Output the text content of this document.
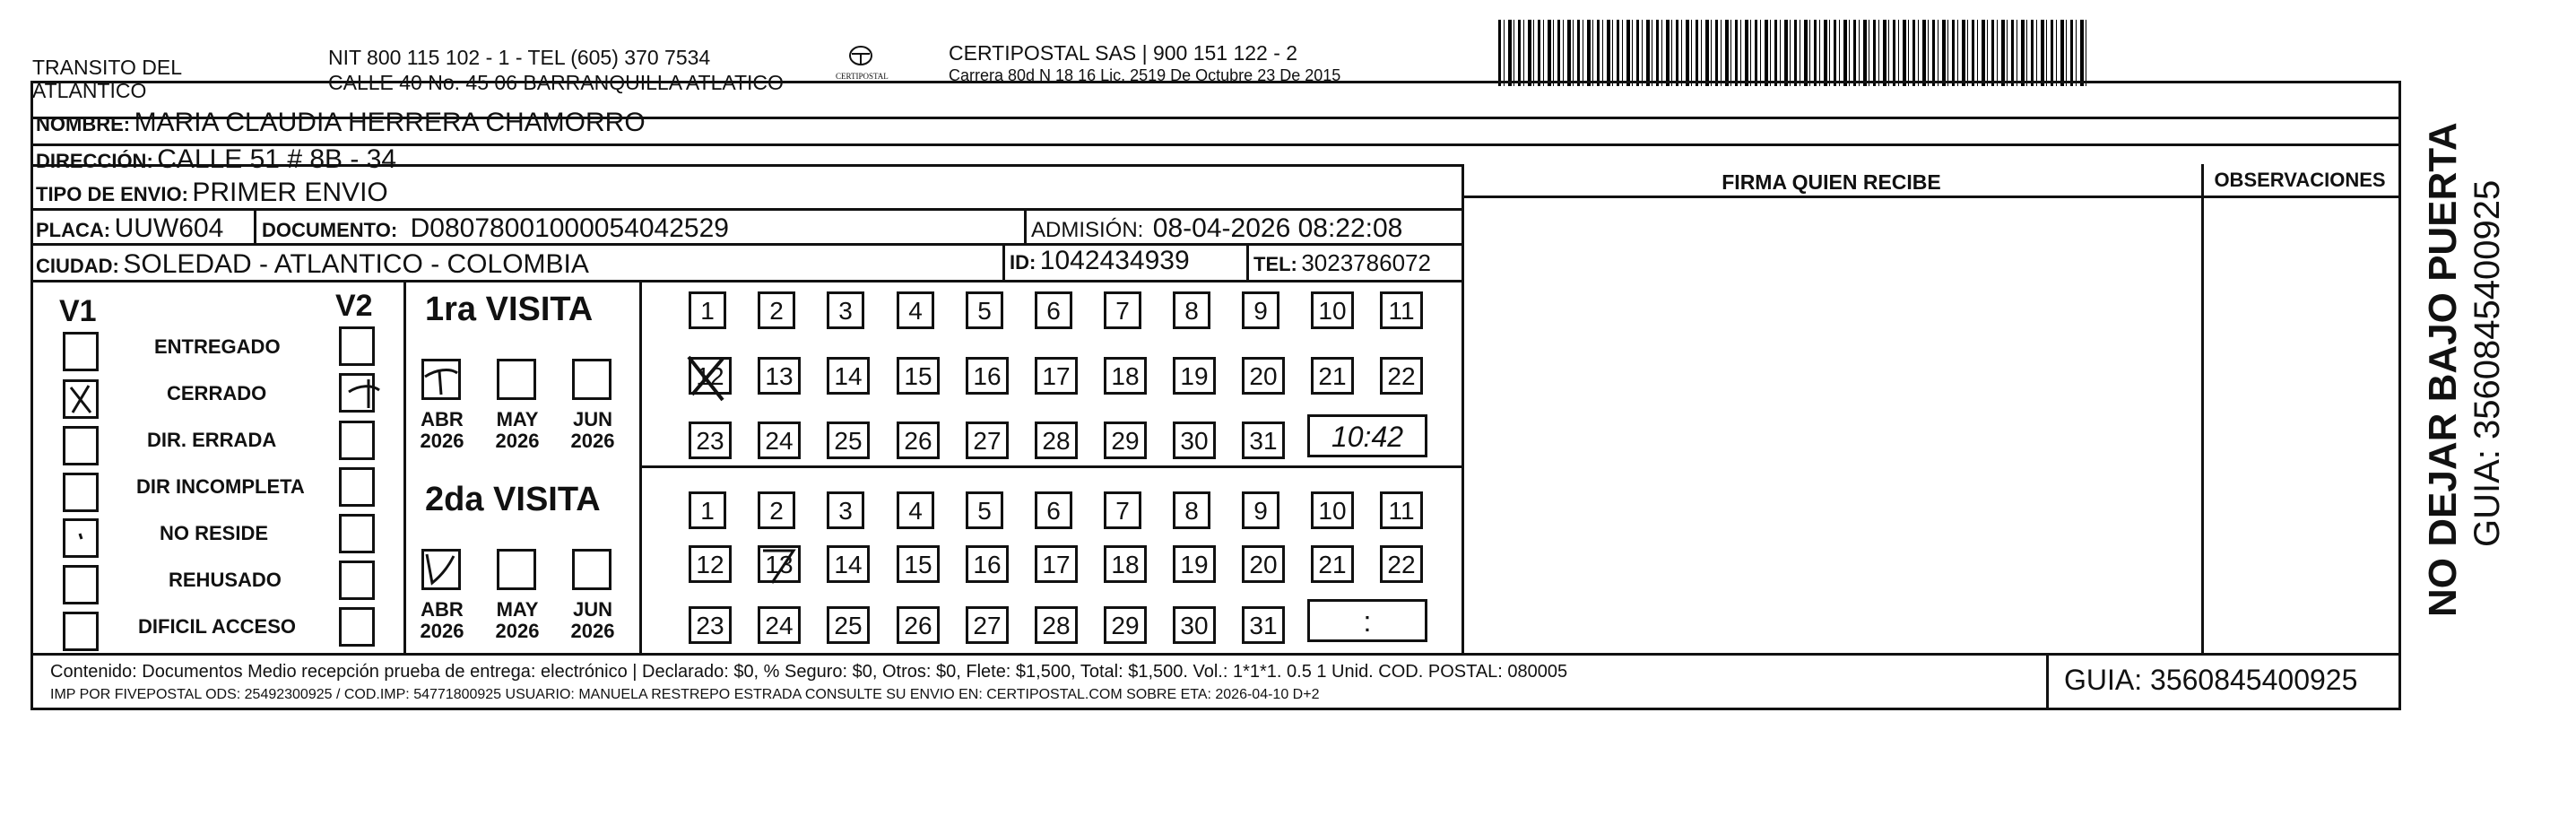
TRANSITO DEL
ATLANTICO
NIT 800 115 102 - 1 - TEL (605) 370 7534
CALLE 40 No. 45 06 BARRANQUILLA ATLATICO	CERTIPOSTAL
CERTIPOSTAL SAS | 900 151 122 - 2
Carrera 80d N 18 16 Lic. 2519 De Octubre 23 De 2015
NOMBRE: MARIA CLAUDIA HERRERA CHAMORRO
DIRECCIÓN: CALLE 51 # 8B - 34
TIPO DE ENVIO: PRIMER ENVIO
PLACA: UUW604 DOCUMENTO: D08078001000054042529	ADMISIÓN: 08-04-2026 08:22:08
CIUDAD: SOLEDAD - ATLANTICO - COLOMBIA	ID: 1042434939	TEL: 3023786072
FIRMA QUIEN RECIBE	OBSERVACIONES
V1	V2
ENTREGADO
CERRADO
DIR. ERRADA
DIR INCOMPLETA
NO RESIDE
REHUSADO
DIFICIL ACCESO
1ra VISITA
ABR
2026
MAY
2026
JUN
2026
1	2	3	4	5	6	7	8	9	10	11
12	13	14	15	16	17	18	19	20	21	22
23	24	25	26	27	28	29	30	31	10:42
2da VISITA
ABR
2026
MAY
2026
JUN
2026
1	2	3	4	5	6	7	8	9	10	11
12	13	14	15	16	17	18	19	20	21	22
23	24	25	26	27	28	29	30	31	:
Contenido: Documentos Medio recepción prueba de entrega: electrónico | Declarado: $0, % Seguro: $0, Otros: $0, Flete: $1,500, Total: $1,500. Vol.: 1*1*1. 0.5 1 Unid. COD. POSTAL: 080005
IMP POR FIVEPOSTAL ODS: 25492300925 / COD.IMP: 54771800925 USUARIO: MANUELA RESTREPO ESTRADA CONSULTE SU ENVIO EN: CERTIPOSTAL.COM SOBRE ETA: 2026-04-10 D+2	GUIA: 3560845400925
NO DEJAR BAJO PUERTA GUIA: 3560845400925
